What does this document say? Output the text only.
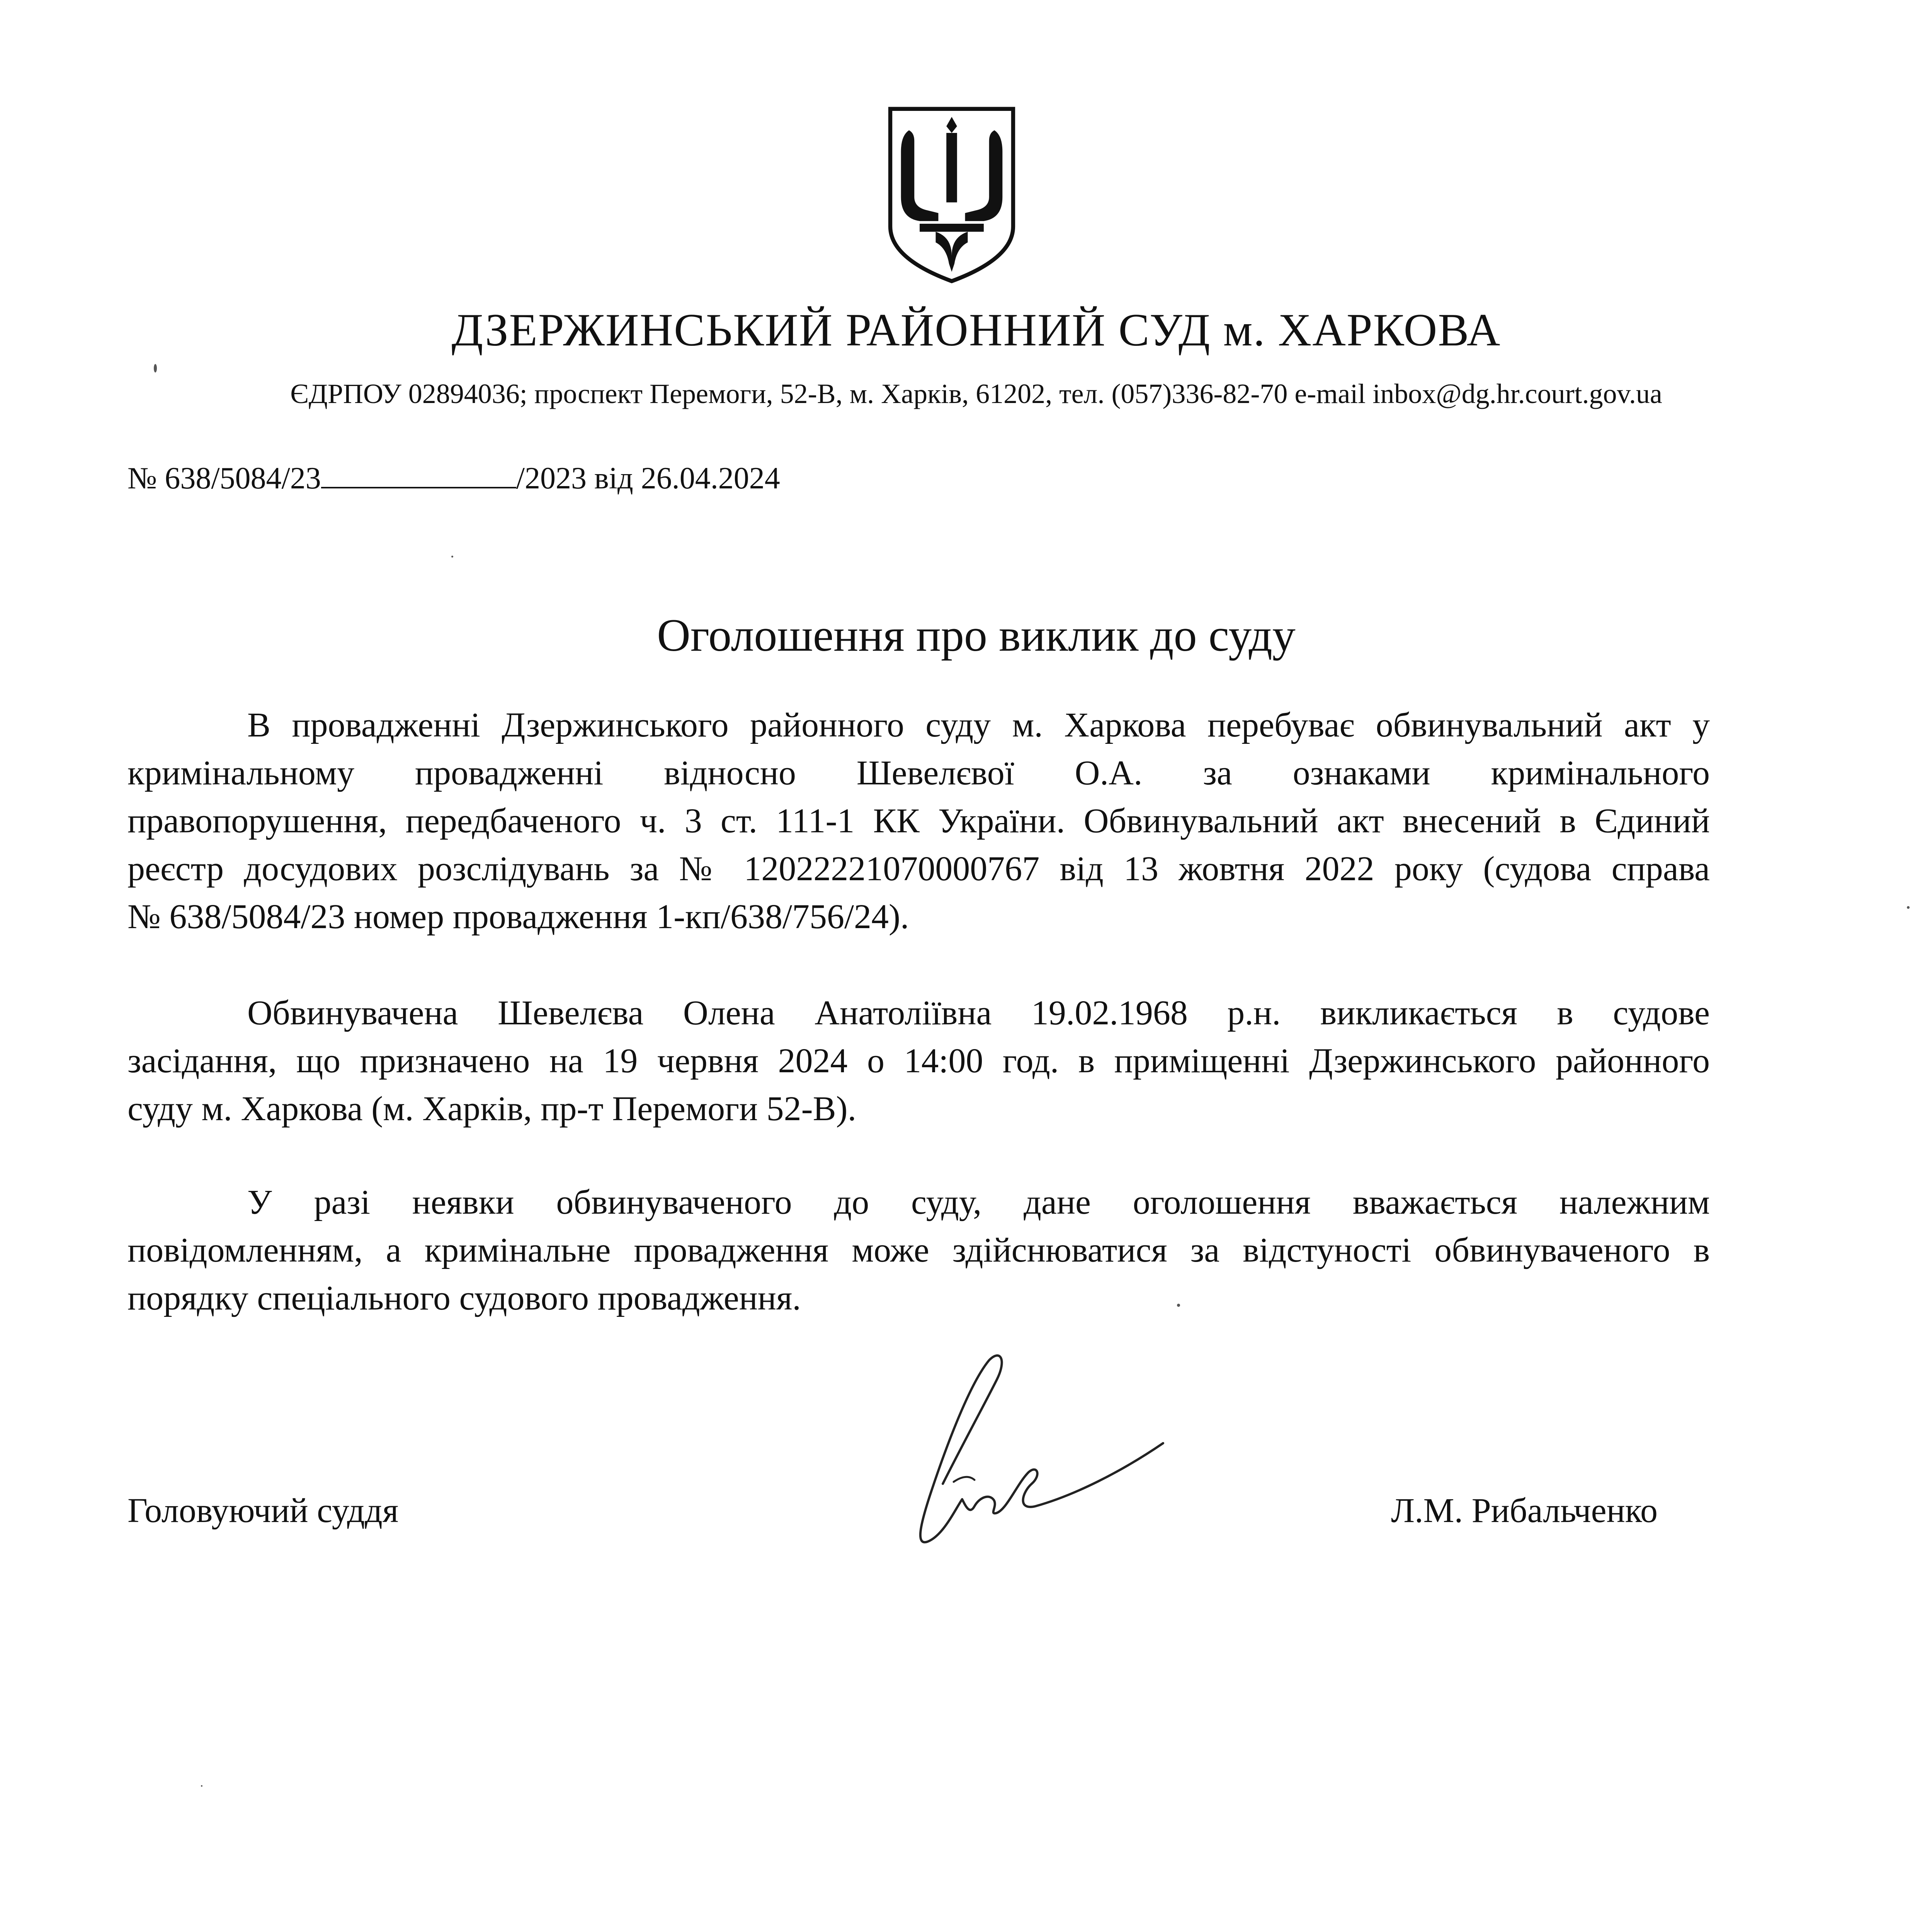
ДЗЕРЖИНСЬКИЙ РАЙОННИЙ СУД м. ХАРКОВА
ЄДРПОУ 02894036; проспект Перемоги, 52-В, м. Харків, 61202, тел. (057)336-82-70 e-mail inbox@dg.hr.court.gov.ua
№ 638/5084/23	/2023 від 26.04.2024
Оголошення про виклик до суду
В провадженні Дзержинського районного суду м. Харкова перебуває обвинувальний акт у
кримінальному провадженні відносно Шевелєвої О.А. за ознаками кримінального
правопорушення, передбаченого ч. 3 ст. 111-1 КК України. Обвинувальний акт внесений в Єдиний
реєстр досудових розслідувань за № 12022221070000767 від 13 жовтня 2022 року (судова справа
№ 638/5084/23 номер провадження 1-кп/638/756/24).
Обвинувачена Шевелєва Олена Анатоліївна 19.02.1968 р.н. викликається в судове
засідання, що призначено на 19 червня 2024 о 14:00 год. в приміщенні Дзержинського районного
суду м. Харкова (м. Харків, пр-т Перемоги 52-В).
У разі неявки обвинуваченого до суду, дане оголошення вважається належним
повідомленням, а кримінальне провадження може здійснюватися за відстуності обвинуваченого в
порядку спеціального судового провадження.
Головуючий суддя	Л.М. Рибальченко
